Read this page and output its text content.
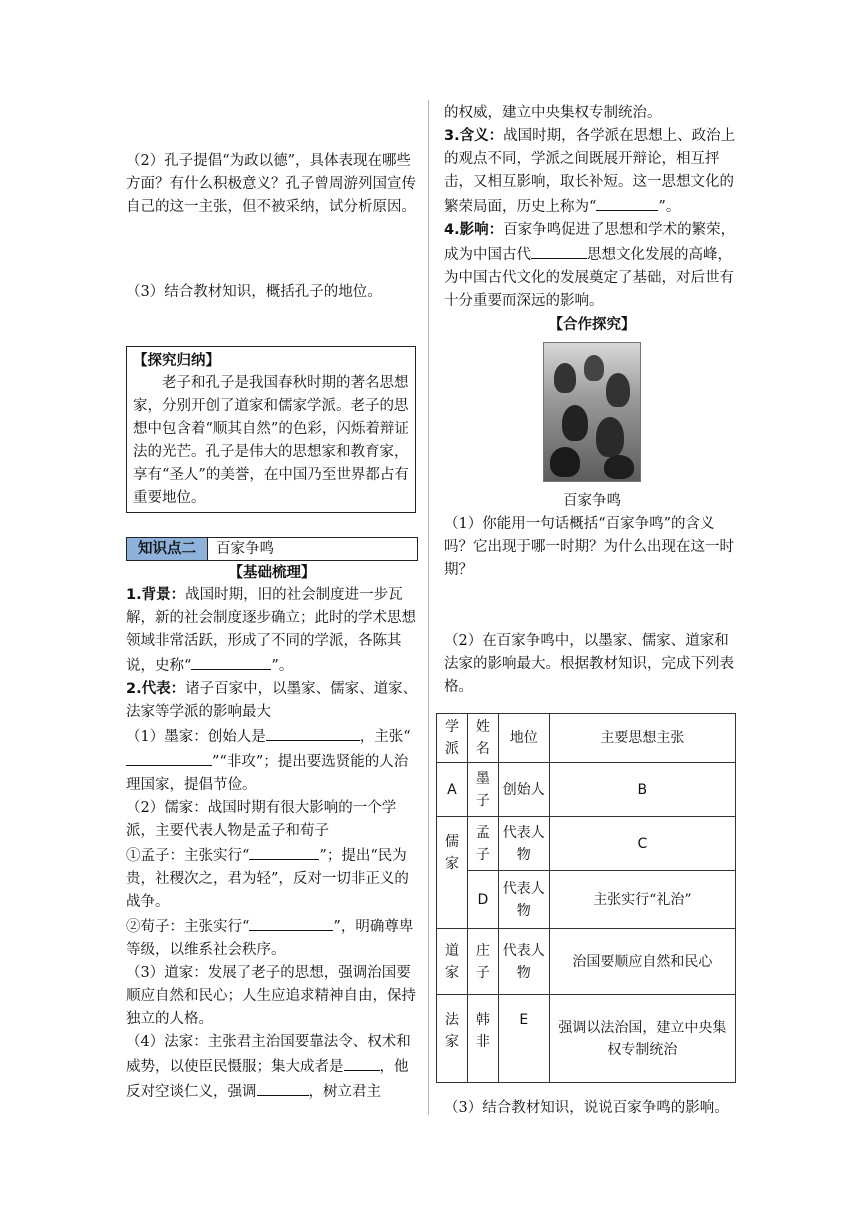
（2）孔子提倡“为政以德”，具体表现在哪些方面？有什么积极意义？孔子曾周游列国宣传自己的这一主张，但不被采纳，试分析原因。

（3）结合教材知识，概括孔子的地位。

【探究归纳】

老子和孔子是我国春秋时期的著名思想家，分别开创了道家和儒家学派。老子的思想中包含着“顺其自然”的色彩，闪烁着辩证法的光芒。孔子是伟大的思想家和教育家，享有“圣人”的美誉，在中国乃至世界都占有重要地位。

知识点二	百家争鸣

【基础梳理】

1.背景：战国时期，旧的社会制度进一步瓦解，新的社会制度逐步确立；此时的学术思想领域非常活跃，形成了不同的学派，各陈其说，史称“	”。

2.代表：诸子百家中，以墨家、儒家、道家、法家等学派的影响最大

（1）墨家：创始人是	，主张“”“非攻”；提出要选贤能的人治理国家，提倡节俭。

（2）儒家：战国时期有很大影响的一个学派，主要代表人物是孟子和荀子

①孟子：主张实行“	”；提出“民为贵，社稷次之，君为轻”，反对一切非正义的战争。

②荀子：主张实行“	”，明确尊卑等级，以维系社会秩序。

（3）道家：发展了老子的思想，强调治国要顺应自然和民心；人生应追求精神自由，保持独立的人格。

（4）法家：主张君主治国要靠法令、权术和威势，以使臣民慑服；集大成者是 ，他反对空谈仁义，强调	，树立君主

的权威，建立中央集权专制统治。

3.含义：战国时期，各学派在思想上、政治上的观点不同，学派之间既展开辩论，相互抨击，又相互影响，取长补短。这一思想文化的繁荣局面，历史上称为“	”。

4.影响：百家争鸣促进了思想和学术的繁荣，成为中国古代	思想文化发展的高峰，为中国古代文化的发展奠定了基础，对后世有十分重要而深远的影响。

【合作探究】

百家争鸣

（1）你能用一句话概括“百家争鸣”的含义吗？它出现于哪一时期？为什么出现在这一时期？

（2）在百家争鸣中，以墨家、儒家、道家和法家的影响最大。根据教材知识，完成下列表格。

学派	姓名	地位	主要思想主张
A	墨子	创始人	B
儒家	孟子	代表人物	C
	D	代表人物	主张实行“礼治”
道家	庄子	代表人物	治国要顺应自然和民心
法家	韩非	E	强调以法治国，建立中央集权专制统治

（3）结合教材知识，说说百家争鸣的影响。
